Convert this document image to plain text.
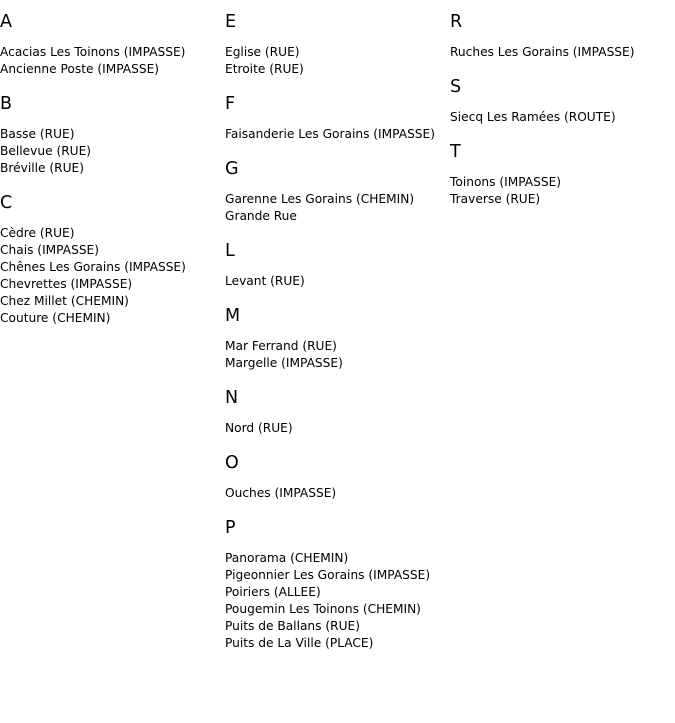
A
Acacias Les Toinons (IMPASSE)
Ancienne Poste (IMPASSE)
B
Basse (RUE)
Bellevue (RUE)
Bréville (RUE)
C
Cèdre (RUE)
Chais (IMPASSE)
Chênes Les Gorains (IMPASSE)
Chevrettes (IMPASSE)
Chez Millet (CHEMIN)
Couture (CHEMIN)
E
Eglise (RUE)
Etroite (RUE)
F
Faisanderie Les Gorains (IMPASSE)
G
Garenne Les Gorains (CHEMIN)
Grande Rue
L
Levant (RUE)
M
Mar Ferrand (RUE)
Margelle (IMPASSE)
N
Nord (RUE)
O
Ouches (IMPASSE)
P
Panorama (CHEMIN)
Pigeonnier Les Gorains (IMPASSE)
Poiriers (ALLEE)
Pougemin Les Toinons (CHEMIN)
Puits de Ballans (RUE)
Puits de La Ville (PLACE)
R
Ruches Les Gorains (IMPASSE)
S
Siecq Les Ramées (ROUTE)
T
Toinons (IMPASSE)
Traverse (RUE)
